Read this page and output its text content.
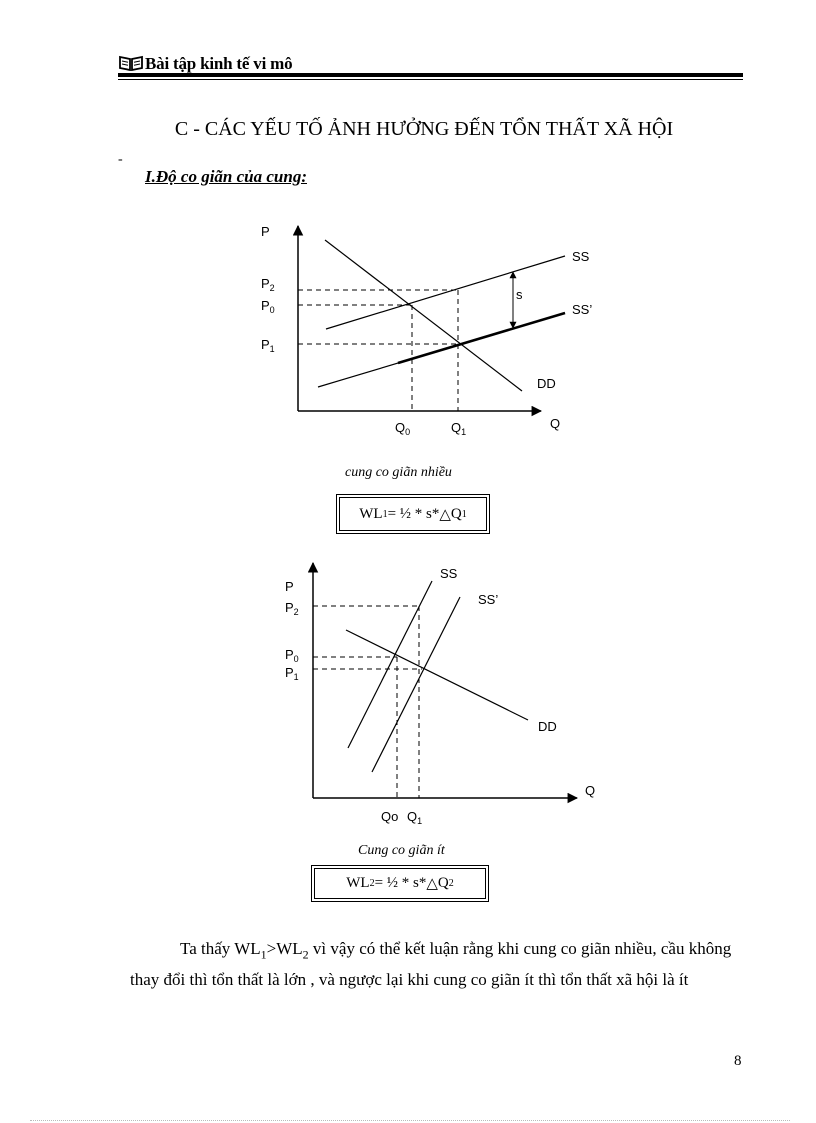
Bài tập kinh tế vi mô
C - CÁC YẾU TỐ ẢNH HƯỞNG ĐẾN TỔN THẤT XÃ HỘI
-
I.Độ co giãn của cung:
P
Q
$P_2$
$P_0$
$P_1$
$Q_0$	$Q_1$
SS
SS’
DD
s
P
Q
$P_2$
$P_0$
$P_1$
Qo $Q_1$
SS
SS’
DD
cung co giãn nhiều
WL 1 = ½ * s* △ Q 1
Cung co giãn ít
WL 2 = ½ * s* △ Q 2

Ta thấy $WL_1>WL_2$ vì vậy có thể kết luận rằng khi cung co giãn nhiều, cầu không thay đổi thì tổn thất là lớn , và ngược lại khi cung co giãn ít thì tổn thất xã hội là ít

8
